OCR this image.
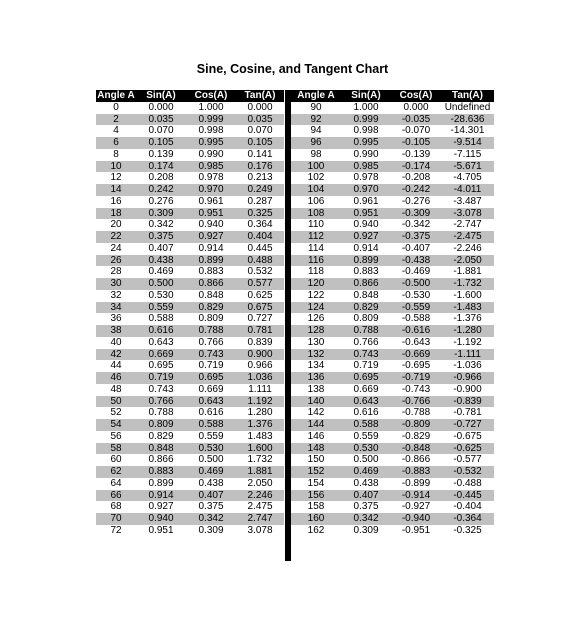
Sine, Cosine, and Tangent Chart
Angle A	Sin(A)	Cos(A)	Tan(A)
0	0.000	1.000	0.000
2	0.035	0.999	0.035
4	0.070	0.998	0.070
6	0.105	0.995	0.105
8	0.139	0.990	0.141
10	0.174	0.985	0.176
12	0.208	0.978	0.213
14	0.242	0.970	0.249
16	0.276	0.961	0.287
18	0.309	0.951	0.325
20	0.342	0.940	0.364
22	0.375	0.927	0.404
24	0.407	0.914	0.445
26	0.438	0.899	0.488
28	0.469	0.883	0.532
30	0.500	0.866	0.577
32	0.530	0.848	0.625
34	0.559	0.829	0.675
36	0.588	0.809	0.727
38	0.616	0.788	0.781
40	0.643	0.766	0.839
42	0.669	0.743	0.900
44	0.695	0.719	0.966
46	0.719	0.695	1.036
48	0.743	0.669	1.111
50	0.766	0.643	1.192
52	0.788	0.616	1.280
54	0.809	0.588	1.376
56	0.829	0.559	1.483
58	0.848	0.530	1.600
60	0.866	0.500	1.732
62	0.883	0.469	1.881
64	0.899	0.438	2.050
66	0.914	0.407	2.246
68	0.927	0.375	2.475
70	0.940	0.342	2.747
72	0.951	0.309	3.078
Angle A	Sin(A)	Cos(A)	Tan(A)
90	1.000	0.000	Undefined
92	0.999	-0.035	-28.636
94	0.998	-0.070	-14.301
96	0.995	-0.105	-9.514
98	0.990	-0.139	-7.115
100	0.985	-0.174	-5.671
102	0.978	-0.208	-4.705
104	0.970	-0.242	-4.011
106	0.961	-0.276	-3.487
108	0.951	-0.309	-3.078
110	0.940	-0.342	-2.747
112	0.927	-0.375	-2.475
114	0.914	-0.407	-2.246
116	0.899	-0.438	-2.050
118	0.883	-0.469	-1.881
120	0.866	-0.500	-1.732
122	0.848	-0.530	-1.600
124	0.829	-0.559	-1.483
126	0.809	-0.588	-1.376
128	0.788	-0.616	-1.280
130	0.766	-0.643	-1.192
132	0.743	-0.669	-1.111
134	0.719	-0.695	-1.036
136	0.695	-0.719	-0.966
138	0.669	-0.743	-0.900
140	0.643	-0.766	-0.839
142	0.616	-0.788	-0.781
144	0.588	-0.809	-0.727
146	0.559	-0.829	-0.675
148	0.530	-0.848	-0.625
150	0.500	-0.866	-0.577
152	0.469	-0.883	-0.532
154	0.438	-0.899	-0.488
156	0.407	-0.914	-0.445
158	0.375	-0.927	-0.404
160	0.342	-0.940	-0.364
162	0.309	-0.951	-0.325
